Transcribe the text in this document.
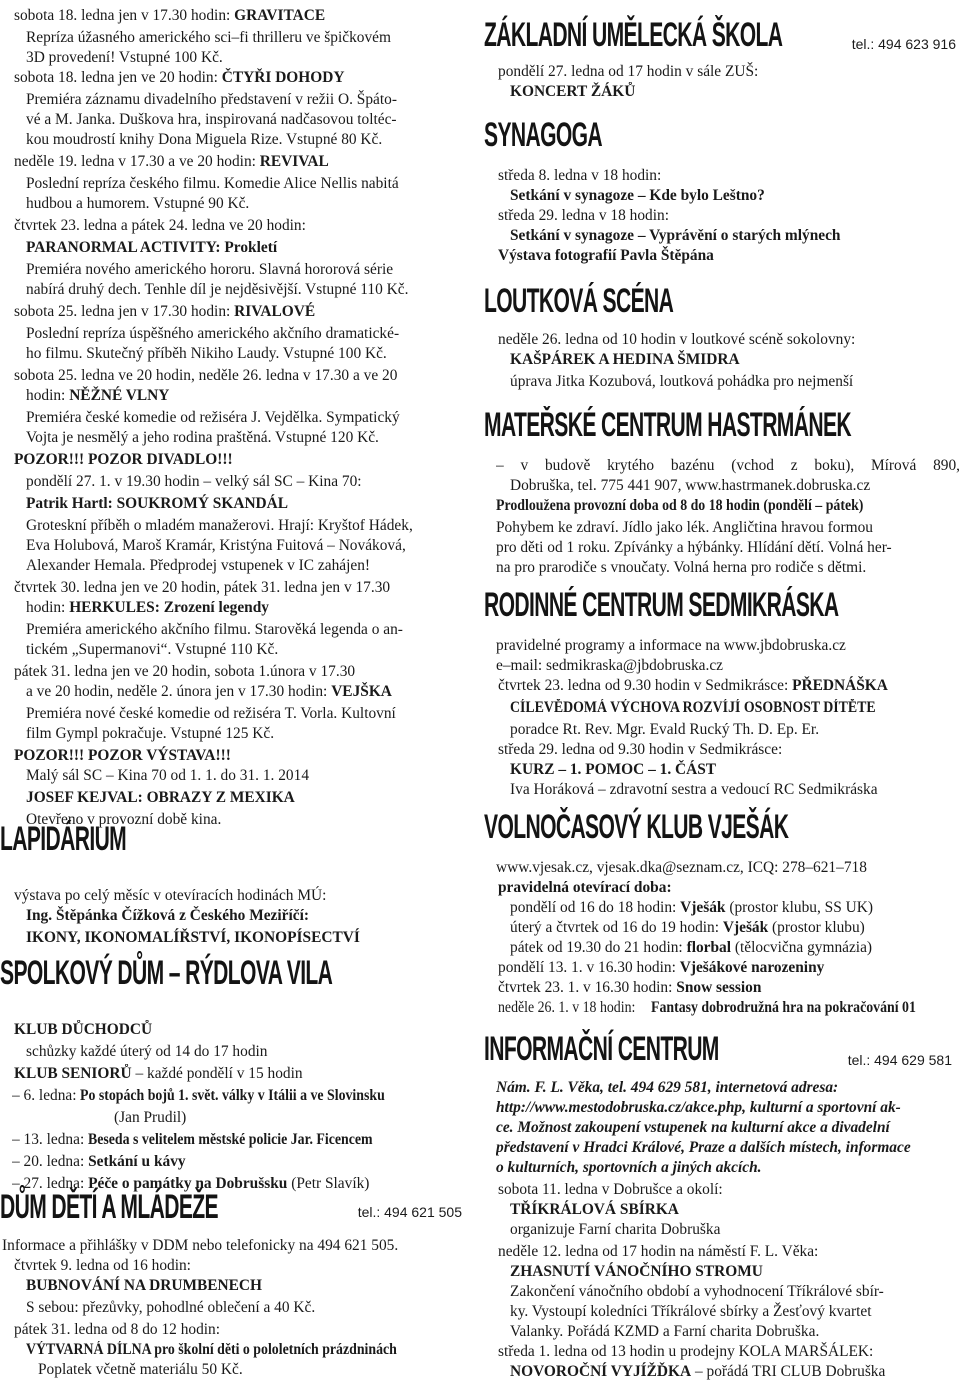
• sobota 18. ledna jen v 17.30 hodin: GRAVITACE
Repríza úžasného amerického sci–fi thrilleru ve špičkovém
3D provedení! Vstupné 100 Kč.
• sobota 18. ledna jen ve 20 hodin: ČTYŘI DOHODY
Premiéra záznamu divadelního představení v režii O. Špáto-
vé a M. Janka. Duškova hra, inspirovaná nadčasovou toltéc-
kou moudrostí knihy Dona Miguela Rize. Vstupné 80 Kč.
• neděle 19. ledna v 17.30 a ve 20 hodin: REVIVAL
Poslední repríza českého filmu. Komedie Alice Nellis nabitá
hudbou a humorem. Vstupné 90 Kč.
• čtvrtek 23. ledna a pátek 24. ledna ve 20 hodin:
PARANORMAL ACTIVITY: Prokletí
Premiéra nového amerického hororu. Slavná hororová série
nabírá druhý dech. Tenhle díl je nejděsivější. Vstupné 110 Kč.
• sobota 25. ledna jen v 17.30 hodin: RIVALOVÉ
Poslední repríza úspěšného amerického akčního dramatické-
ho filmu. Skutečný příběh Nikiho Laudy. Vstupné 100 Kč.
• sobota 25. ledna ve 20 hodin, neděle 26. ledna v 17.30 a ve 20
hodin: NĚŽNÉ VLNY
Premiéra české komedie od režiséra J. Vejdělka. Sympatický
Vojta je nesmělý a jeho rodina praštěná. Vstupné 120 Kč.
• POZOR!!! POZOR DIVADLO!!!
pondělí 27. 1. v 19.30 hodin – velký sál SC – Kina 70:
Patrik Hartl: SOUKROMÝ SKANDÁL
Groteskní příběh o mladém manažerovi. Hrají: Kryštof Hádek,
Eva Holubová, Maroš Kramár, Kristýna Fuitová – Nováková,
Alexander Hemala. Předprodej vstupenek v IC zahájen!
• čtvrtek 30. ledna jen ve 20 hodin, pátek 31. ledna jen v 17.30
hodin: HERKULES: Zrození legendy
Premiéra amerického akčního filmu. Starověká legenda o an-
tickém „Supermanovi“. Vstupné 110 Kč.
• pátek 31. ledna jen ve 20 hodin, sobota 1.února v 17.30
a ve 20 hodin, neděle 2. února jen v 17.30 hodin: VEJŠKA
Premiéra nové české komedie od režiséra T. Vorla. Kultovní
film Gympl pokračuje. Vstupné 125 Kč.
• POZOR!!! POZOR VÝSTAVA!!!
Malý sál SC – Kina 70 od 1. 1. do 31. 1. 2014
JOSEF KEJVAL: OBRAZY Z MEXIKA
Otevřeno v provozní době kina.
LAPIDÁRIUM
• výstava po celý měsíc v otevíracích hodinách MÚ:
Ing. Štěpánka Čížková z Českého Meziříčí:
IKONY, IKONOMALÍŘSTVÍ, IKONOPÍSECTVÍ
SPOLKOVÝ DŮM – RÝDLOVA VILA
• KLUB DŮCHODCŮ
schůzky každé úterý od 14 do 17 hodin
• KLUB SENIORŮ – každé pondělí v 15 hodin
– 6. ledna: Po stopách bojů 1. svět. války v Itálii a ve Slovinsku
(Jan Prudil)
– 13. ledna: Beseda s velitelem městské policie Jar. Ficencem
– 20. ledna: Setkání u kávy
– 27. ledna: Péče o památky na Dobrušsku (Petr Slavík)
DŮM DĚTÍ A MLÁDEŽE	tel.: 494 621 505
Informace a přihlášky v DDM nebo telefonicky na 494 621 505.
• čtvrtek 9. ledna od 16 hodin:
BUBNOVÁNÍ NA DRUMBENECH
S sebou: přezůvky, pohodlné oblečení a 40 Kč.
• pátek 31. ledna od 8 do 12 hodin:
VÝTVARNÁ DÍLNA pro školní děti o pololetních prázdninách
Poplatek včetně materiálu 50 Kč.
ZÁKLADNÍ UMĚLECKÁ ŠKOLA	tel.: 494 623 916
• pondělí 27. ledna od 17 hodin v sále ZUŠ:
KONCERT ŽÁKŮ
SYNAGOGA
• středa 8. ledna v 18 hodin:
Setkání v synagoze – Kde bylo Leštno?
• středa 29. ledna v 18 hodin:
Setkání v synagoze – Vyprávění o starých mlýnech
• Výstava fotografií Pavla Štěpána
LOUTKOVÁ SCÉNA
• neděle 26. ledna od 10 hodin v loutkové scéně sokolovny:
KAŠPÁREK A HEDINA ŠMIDRA
úprava Jitka Kozubová, loutková pohádka pro nejmenší
MATEŘSKÉ CENTRUM HASTRMÁNEK
– v budově krytého bazénu (vchod z boku), Mírová 890,
Dobruška, tel. 775 441 907, www.hastrmanek.dobruska.cz
Prodloužena provozní doba od 8 do 18 hodin (pondělí – pátek)
Pohybem ke zdraví. Jídlo jako lék. Angličtina hravou formou
pro děti od 1 roku. Zpívánky a hýbánky. Hlídání dětí. Volná her-
na pro prarodiče s vnoučaty. Volná herna pro rodiče s dětmi.
RODINNÉ CENTRUM SEDMIKRÁSKA
pravidelné programy a informace na www.jbdobruska.cz
e–mail: sedmikraska@jbdobruska.cz
• čtvrtek 23. ledna od 9.30 hodin v Sedmikrásce: PŘEDNÁŠKA
CÍLEVĚDOMÁ VÝCHOVA ROZVÍJÍ OSOBNOST DÍTĚTE
poradce Rt. Rev. Mgr. Evald Rucký Th. D. Ep. Er.
• středa 29. ledna od 9.30 hodin v Sedmikrásce:
KURZ – 1. POMOC – 1. ČÁST
Iva Horáková – zdravotní sestra a vedoucí RC Sedmikráska
VOLNOČASOVÝ KLUB VJEŠÁK
www.vjesak.cz, vjesak.dka@seznam.cz, ICQ: 278–621–718
• pravidelná otevírací doba:
pondělí od 16 do 18 hodin: Vješák (prostor klubu, SS UK)
úterý a čtvrtek od 16 do 19 hodin: Vješák (prostor klubu)
pátek od 19.30 do 21 hodin: florbal (tělocvična gymnázia)
• pondělí 13. 1. v 16.30 hodin: Vješákové narozeniny
• čtvrtek 23. 1. v 16.30 hodin: Snow session
• neděle 26. 1. v 18 hodin:Fantasy dobrodružná hra na pokračování 01
INFORMAČNÍ CENTRUM	tel.: 494 629 581
Nám. F. L. Věka, tel. 494 629 581, internetová adresa:
http://www.mestodobruska.cz/akce.php, kulturní a sportovní ak-
ce. Možnost zakoupení vstupenek na kulturní akce a divadelní
představení v Hradci Králové, Praze a dalších místech, informace
o kulturních, sportovních a jiných akcích.
• sobota 11. ledna v Dobrušce a okolí:
TŘÍKRÁLOVÁ SBÍRKA
organizuje Farní charita Dobruška
• neděle 12. ledna od 17 hodin na náměstí F. L. Věka:
ZHASNUTÍ VÁNOČNÍHO STROMU
Zakončení vánočního období a vyhodnocení Tříkrálové sbír-
ky. Vystoupí koledníci Tříkrálové sbírky a Žesťový kvartet
Valanky. Pořádá KZMD a Farní charita Dobruška.
• středa 1. ledna od 13 hodin u prodejny KOLA MARŠÁLEK:
NOVOROČNÍ VYJÍŽĎKA – pořádá TRI CLUB Dobruška
